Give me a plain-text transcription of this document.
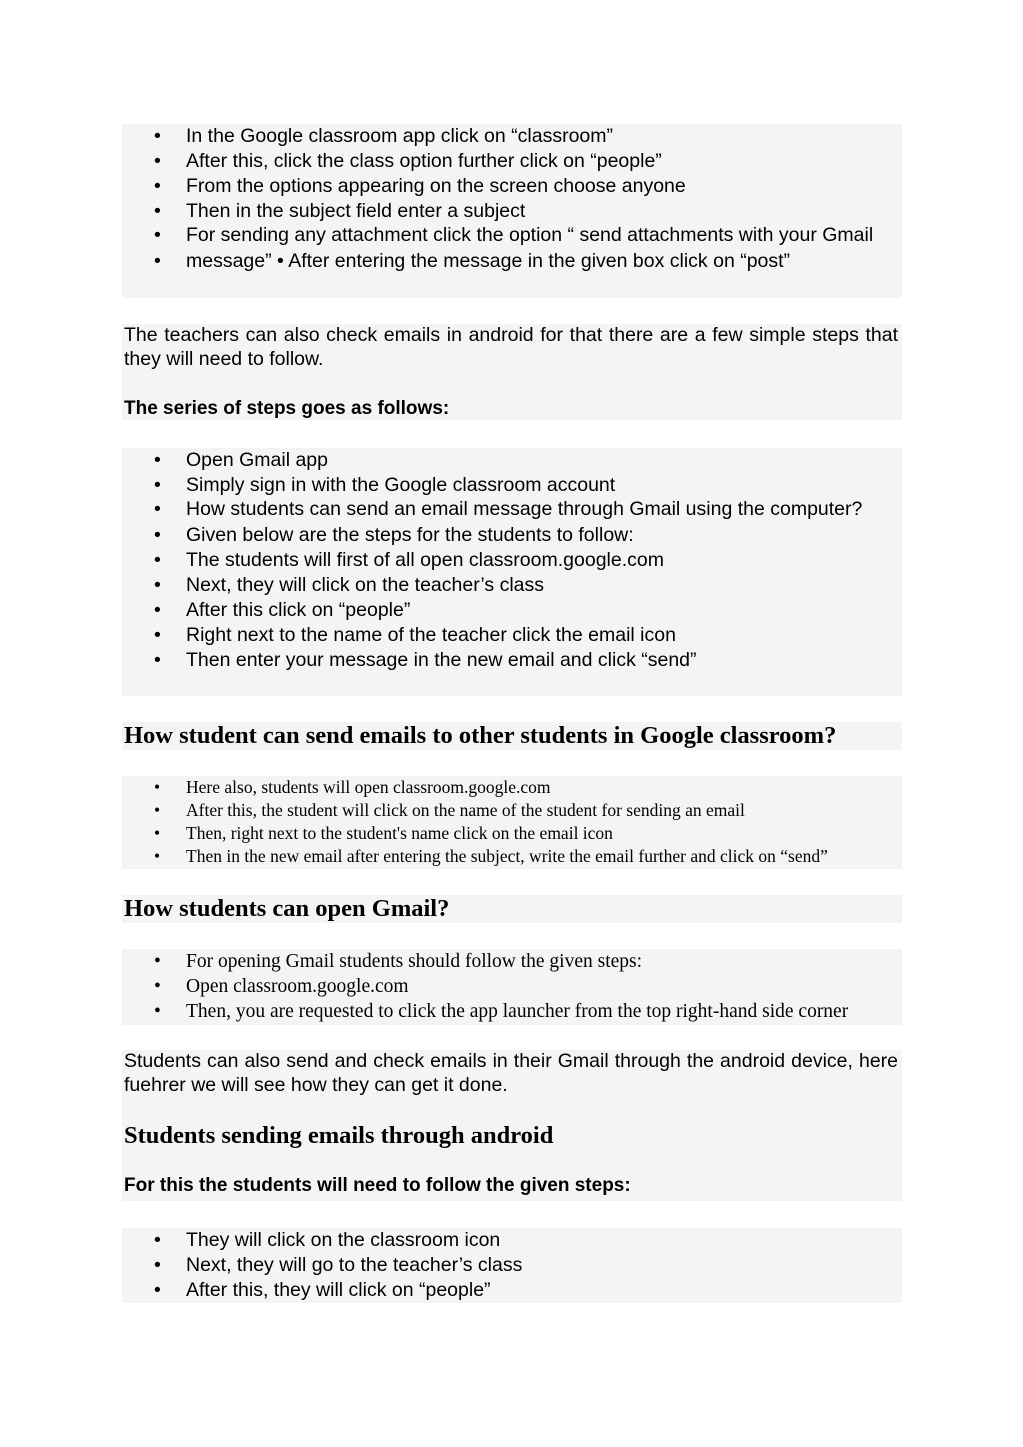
• In the Google classroom app click on “classroom”
• After this, click the class option further click on “people”
• From the options appearing on the screen choose anyone
• Then in the subject field enter a subject
• For sending any attachment click the option “ send attachments with your Gmail
• message” • After entering the message in the given box click on “post”

The teachers can also check emails in android for that there are a few simple steps that they will need to follow.

The series of steps goes as follows:

• Open Gmail app
• Simply sign in with the Google classroom account
• How students can send an email message through Gmail using the computer?
• Given below are the steps for the students to follow:
• The students will first of all open classroom.google.com
• Next, they will click on the teacher’s class
• After this click on “people”
• Right next to the name of the teacher click the email icon
• Then enter your message in the new email and click “send”
How student can send emails to other students in Google classroom?
• Here also, students will open classroom.google.com
• After this, the student will click on the name of the student for sending an email
• Then, right next to the student's name click on the email icon
• Then in the new email after entering the subject, write the email further and click on “send”
How students can open Gmail?
• For opening Gmail students should follow the given steps:
• Open classroom.google.com
• Then, you are requested to click the app launcher from the top right-hand side corner

Students can also send and check emails in their Gmail through the android device, here fuehrer we will see how they can get it done.

Students sending emails through android

For this the students will need to follow the given steps:

• They will click on the classroom icon
• Next, they will go to the teacher’s class
• After this, they will click on “people”
